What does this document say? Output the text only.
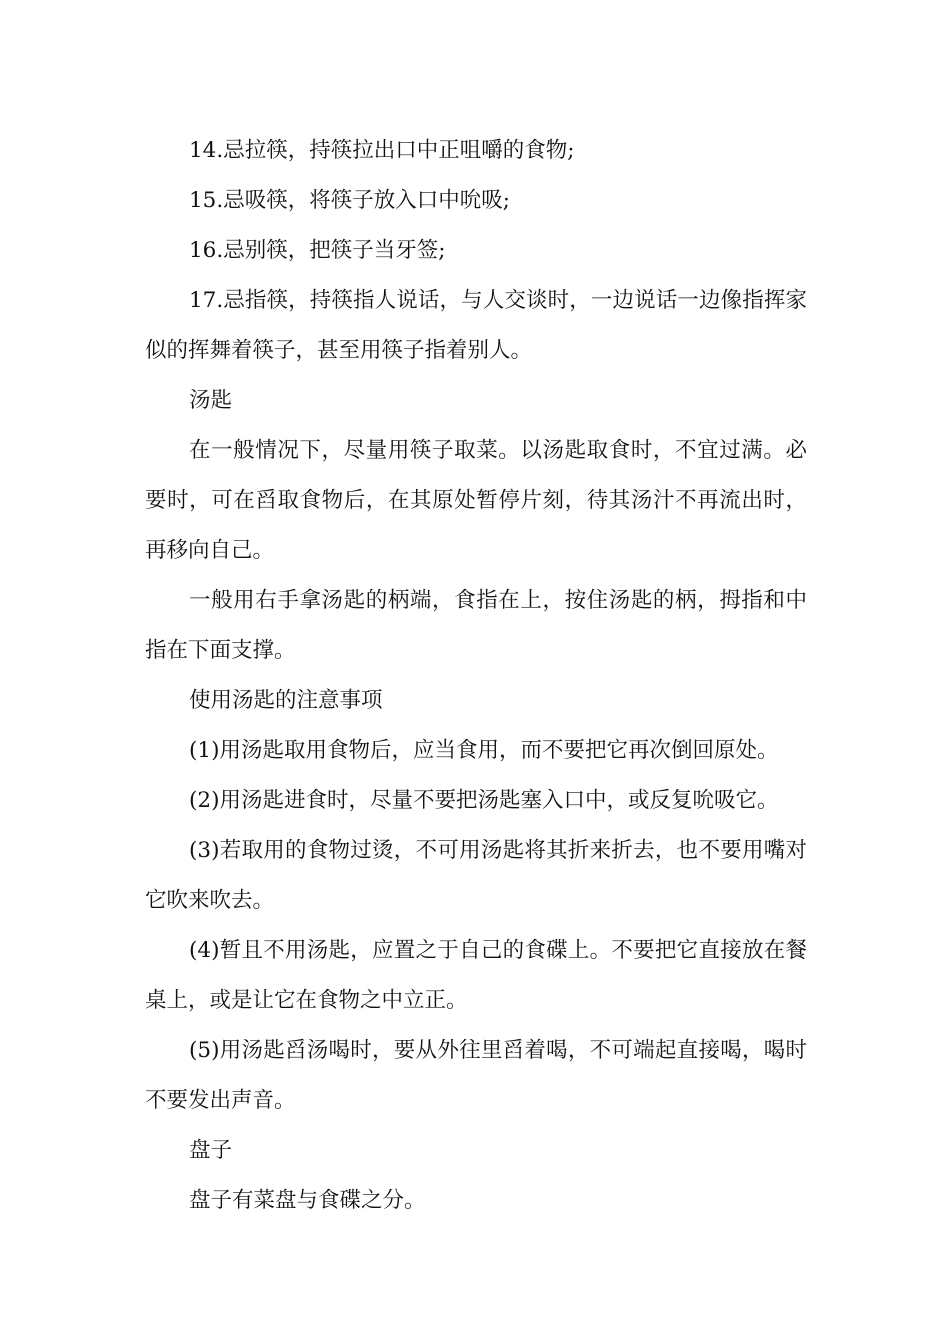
14.忌拉筷，持筷拉出口中正咀嚼的食物;

15.忌吸筷，将筷子放入口中吮吸;

16.忌别筷，把筷子当牙签;

17.忌指筷，持筷指人说话，与人交谈时，一边说话一边像指挥家似的挥舞着筷子，甚至用筷子指着别人。

汤匙

在一般情况下，尽量用筷子取菜。以汤匙取食时，不宜过满。必要时，可在舀取食物后，在其原处暂停片刻，待其汤汁不再流出时，再移向自己。

一般用右手拿汤匙的柄端，食指在上，按住汤匙的柄，拇指和中指在下面支撑。

使用汤匙的注意事项

(1)用汤匙取用食物后，应当食用，而不要把它再次倒回原处。

(2)用汤匙进食时，尽量不要把汤匙塞入口中，或反复吮吸它。

(3)若取用的食物过烫，不可用汤匙将其折来折去，也不要用嘴对它吹来吹去。

(4)暂且不用汤匙，应置之于自己的食碟上。不要把它直接放在餐桌上，或是让它在食物之中立正。

(5)用汤匙舀汤喝时，要从外往里舀着喝，不可端起直接喝，喝时不要发出声音。

盘子

盘子有菜盘与食碟之分。
